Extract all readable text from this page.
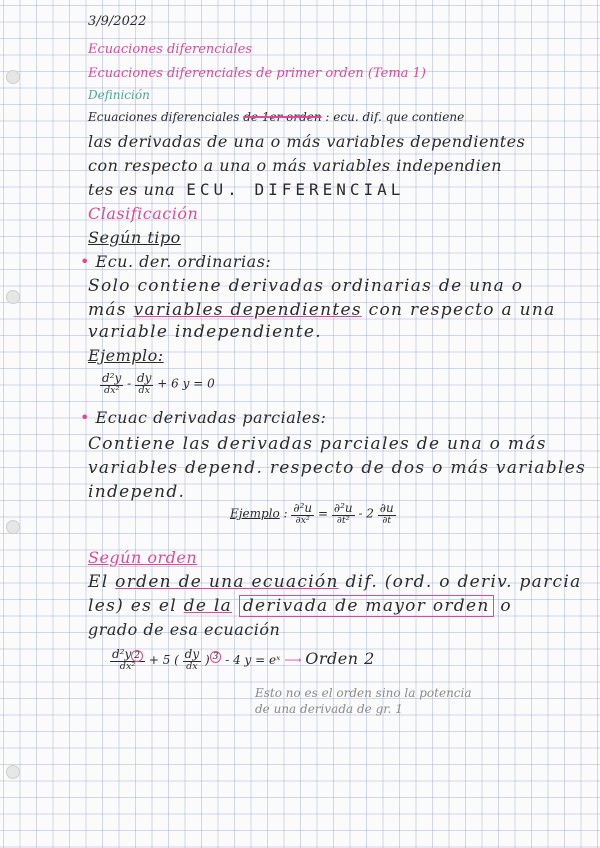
3/9/2022
Ecuaciones diferenciales
Ecuaciones diferenciales de primer orden (Tema 1)
Definición
Ecuaciones diferenciales de 1er orden : ecu. dif. que contiene
las derivadas de una o más variables dependientes
con respecto a una o más variables independien
tes es una ECU. DIFERENCIAL
Clasificación
Según tipo
• Ecu. der. ordinarias:
Solo contiene derivadas ordinarias de una o
más variables dependientes con respecto a una
variable independiente.
Ejemplo:
$\frac{\text{d²y}}{\text{dx²}} - \frac{dy}{dx} + 6$ y = 0
• Ecuac derivadas parciales:
Contiene las derivadas parciales de una o más
variables depend. respecto de dos o más variables
independ.
Ejemplo : $\frac{\text{∂²u}}{\text{∂x²}} = \frac{\text{∂²u}}{\text{∂t²}} - 2 \frac{\partial u}{\partial t}$
Según orden
El orden de una ecuación dif. (ord. o deriv. parcia
les) es el de la derivada de mayor orden o
grado de esa ecuación
$\frac{\text{d²y 2}}{\text{dx²}} + 5$ ( $\frac{dy}{dx}$ ) $^3$ - 4 y = eˣ ⟶ Orden 2
Esto no es el orden sino la potencia
de una derivada de gr. 1
